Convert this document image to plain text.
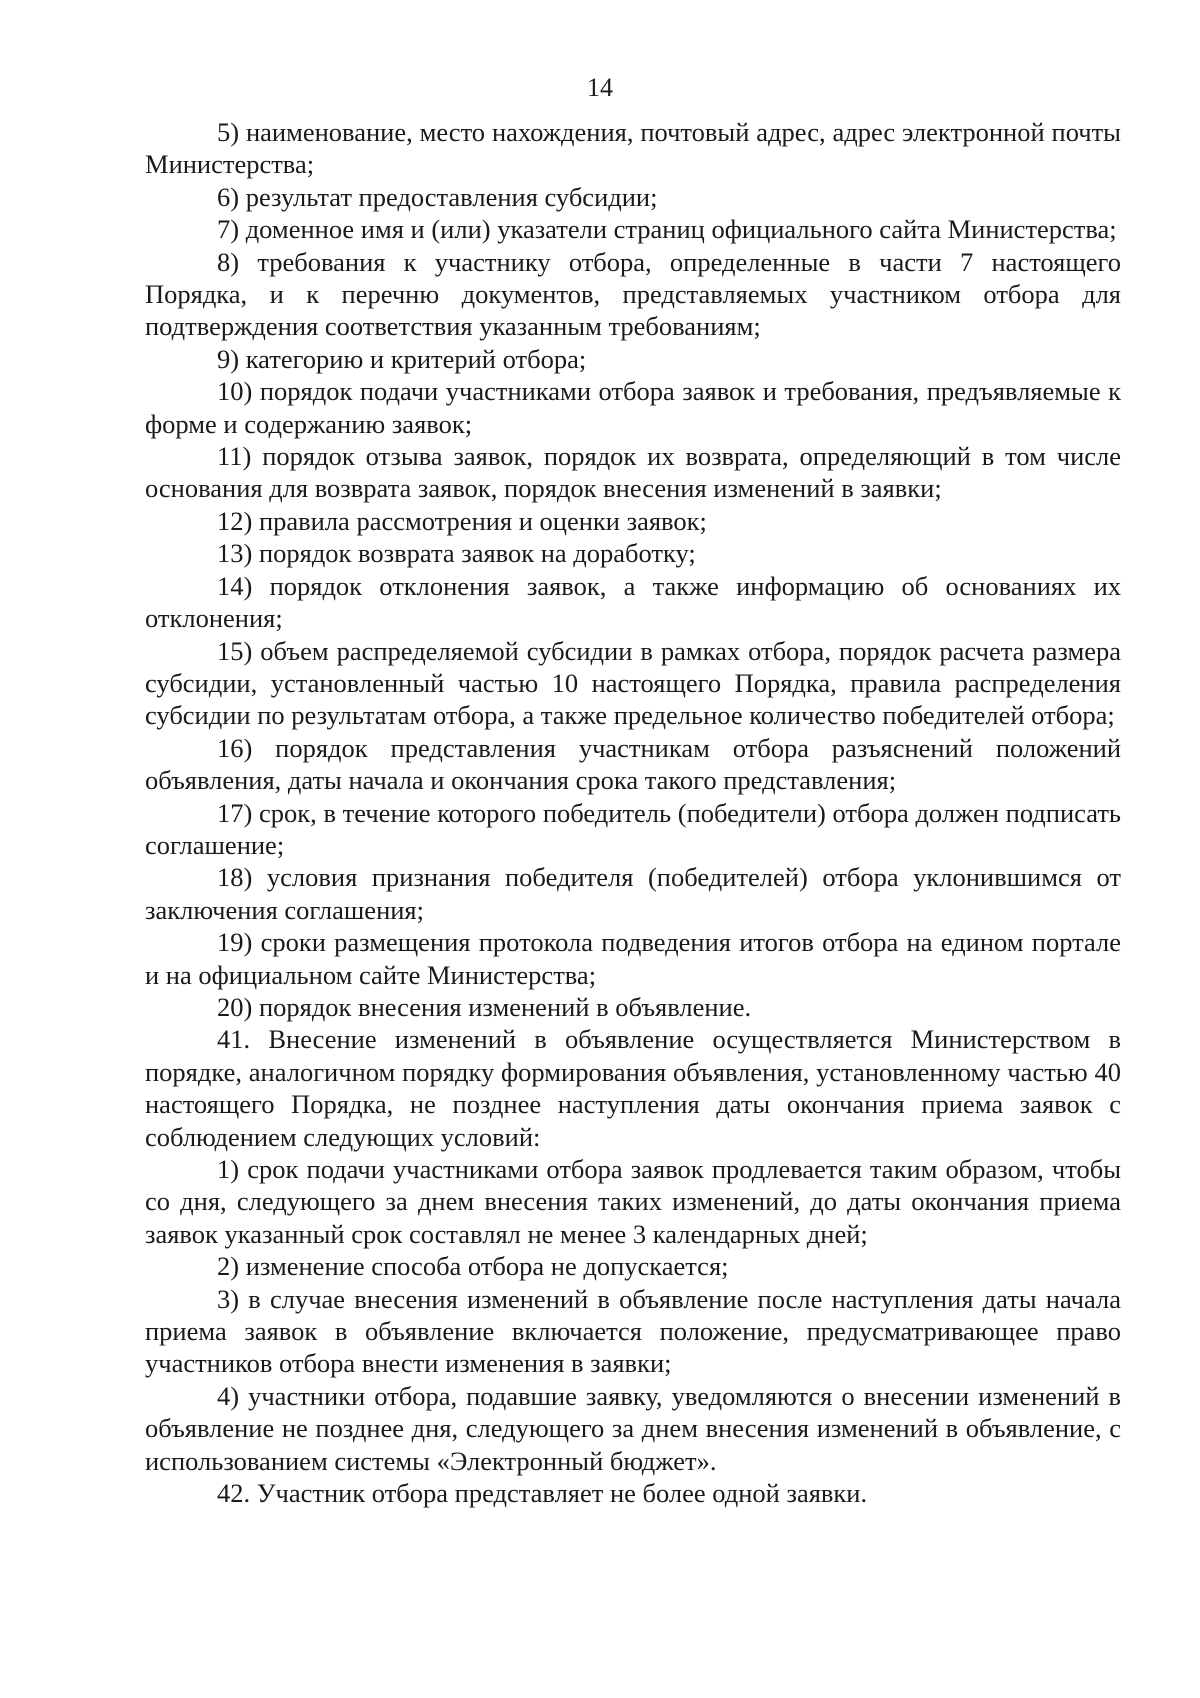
14

5) наименование, место нахождения, почтовый адрес, адрес электронной почты Министерства;

6) результат предоставления субсидии;

7) доменное имя и (или) указатели страниц официального сайта Министерства;

8) требования к участнику отбора, определенные в части 7 настоящего Порядка, и к перечню документов, представляемых участником отбора для подтверждения соответствия указанным требованиям;

9) категорию и критерий отбора;

10) порядок подачи участниками отбора заявок и требования, предъявляемые к форме и содержанию заявок;

11) порядок отзыва заявок, порядок их возврата, определяющий в том числе основания для возврата заявок, порядок внесения изменений в заявки;

12) правила рассмотрения и оценки заявок;

13) порядок возврата заявок на доработку;

14) порядок отклонения заявок, а также информацию об основаниях их отклонения;

15) объем распределяемой субсидии в рамках отбора, порядок расчета размера субсидии, установленный частью 10 настоящего Порядка, правила распределения субсидии по результатам отбора, а также предельное количество победителей отбора;

16) порядок представления участникам отбора разъяснений положений объявления, даты начала и окончания срока такого представления;

17) срок, в течение которого победитель (победители) отбора должен подписать соглашение;

18) условия признания победителя (победителей) отбора уклонившимся от заключения соглашения;

19) сроки размещения протокола подведения итогов отбора на едином портале и на официальном сайте Министерства;

20) порядок внесения изменений в объявление.

41. Внесение изменений в объявление осуществляется Министерством в порядке, аналогичном порядку формирования объявления, установленному частью 40 настоящего Порядка, не позднее наступления даты окончания приема заявок с соблюдением следующих условий:

1) срок подачи участниками отбора заявок продлевается таким образом, чтобы со дня, следующего за днем внесения таких изменений, до даты окончания приема заявок указанный срок составлял не менее 3 календарных дней;

2) изменение способа отбора не допускается;

3) в случае внесения изменений в объявление после наступления даты начала приема заявок в объявление включается положение, предусматривающее право участников отбора внести изменения в заявки;

4) участники отбора, подавшие заявку, уведомляются о внесении изменений в объявление не позднее дня, следующего за днем внесения изменений в объявление, с использованием системы «Электронный бюджет».

42. Участник отбора представляет не более одной заявки.
